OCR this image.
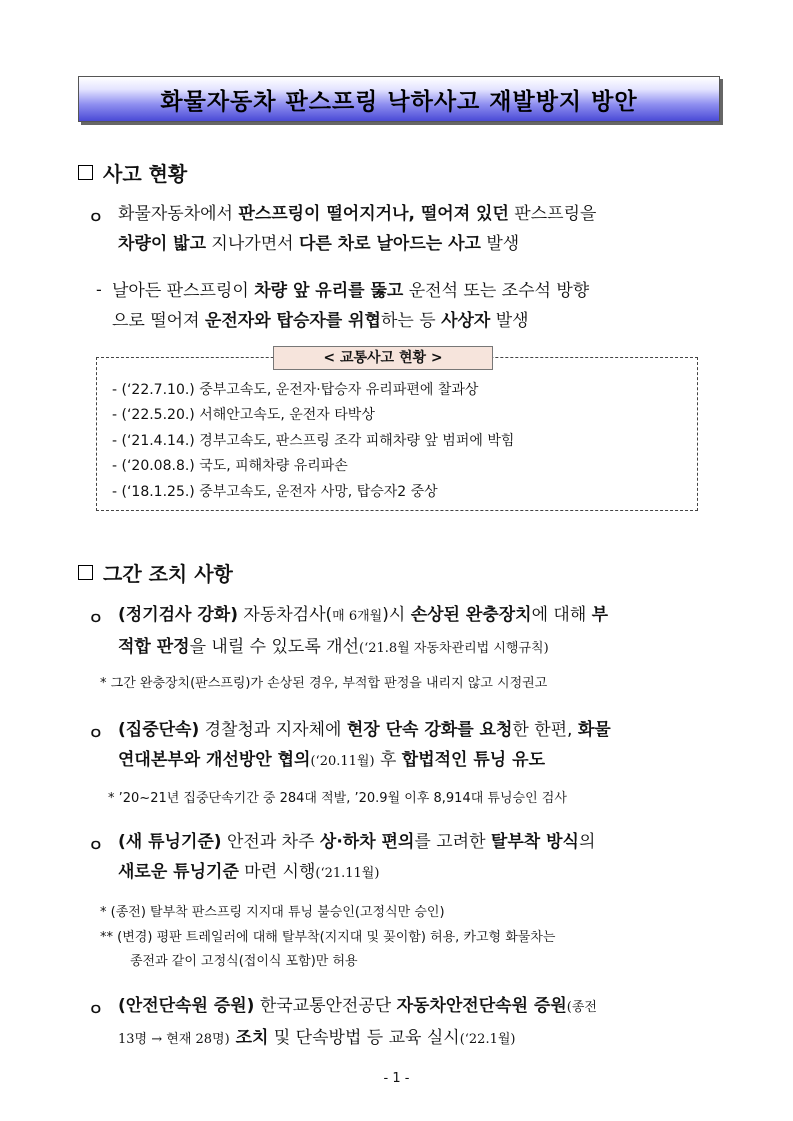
화물자동차 판스프링 낙하사고 재발방지 방안
사고 현황
ㅇ 화물자동차에서 판스프링이 떨어지거나, 떨어져 있던 판스프링을
차량이 밟고 지나가면서 다른 차로 날아드는 사고 발생
- 날아든 판스프링이 차량 앞 유리를 뚫고 운전석 또는 조수석 방향
으로 떨어져 운전자와 탑승자를 위협하는 등 사상자 발생
< 교통사고 현황 >
- (‘22.7.10.) 중부고속도, 운전자·탑승자 유리파편에 찰과상
- (‘22.5.20.) 서해안고속도, 운전자 타박상
- (‘21.4.14.) 경부고속도, 판스프링 조각 피해차량 앞 범퍼에 박힘
- (‘20.08.8.) 국도, 피해차량 유리파손
- (‘18.1.25.) 중부고속도, 운전자 사망, 탑승자2 중상
그간 조치 사항
ㅇ (정기검사 강화) 자동차검사(매 6개월)시 손상된 완충장치에 대해 부
적합 판정을 내릴 수 있도록 개선(‘21.8월 자동차관리법 시행규칙)
* 그간 완충장치(판스프링)가 손상된 경우, 부적합 판정을 내리지 않고 시정권고
ㅇ (집중단속) 경찰청과 지자체에 현장 단속 강화를 요청한 한편, 화물
연대본부와 개선방안 협의(‘20.11월) 후 합법적인 튜닝 유도
* ’20~21년 집중단속기간 중 284대 적발, ’20.9월 이후 8,914대 튜닝승인 검사
ㅇ (새 튜닝기준) 안전과 차주 상·하차 편의를 고려한 탈부착 방식의
새로운 튜닝기준 마련 시행(‘21.11월)
* (종전) 탈부착 판스프링 지지대 튜닝 불승인(고정식만 승인)
** (변경) 평판 트레일러에 대해 탈부착(지지대 및 꽂이함) 허용, 카고형 화물차는
종전과 같이 고정식(접이식 포함)만 허용
ㅇ (안전단속원 증원) 한국교통안전공단 자동차안전단속원 증원(종전
13명 → 현재 28명) 조치 및 단속방법 등 교육 실시(‘22.1월)
- 1 -
